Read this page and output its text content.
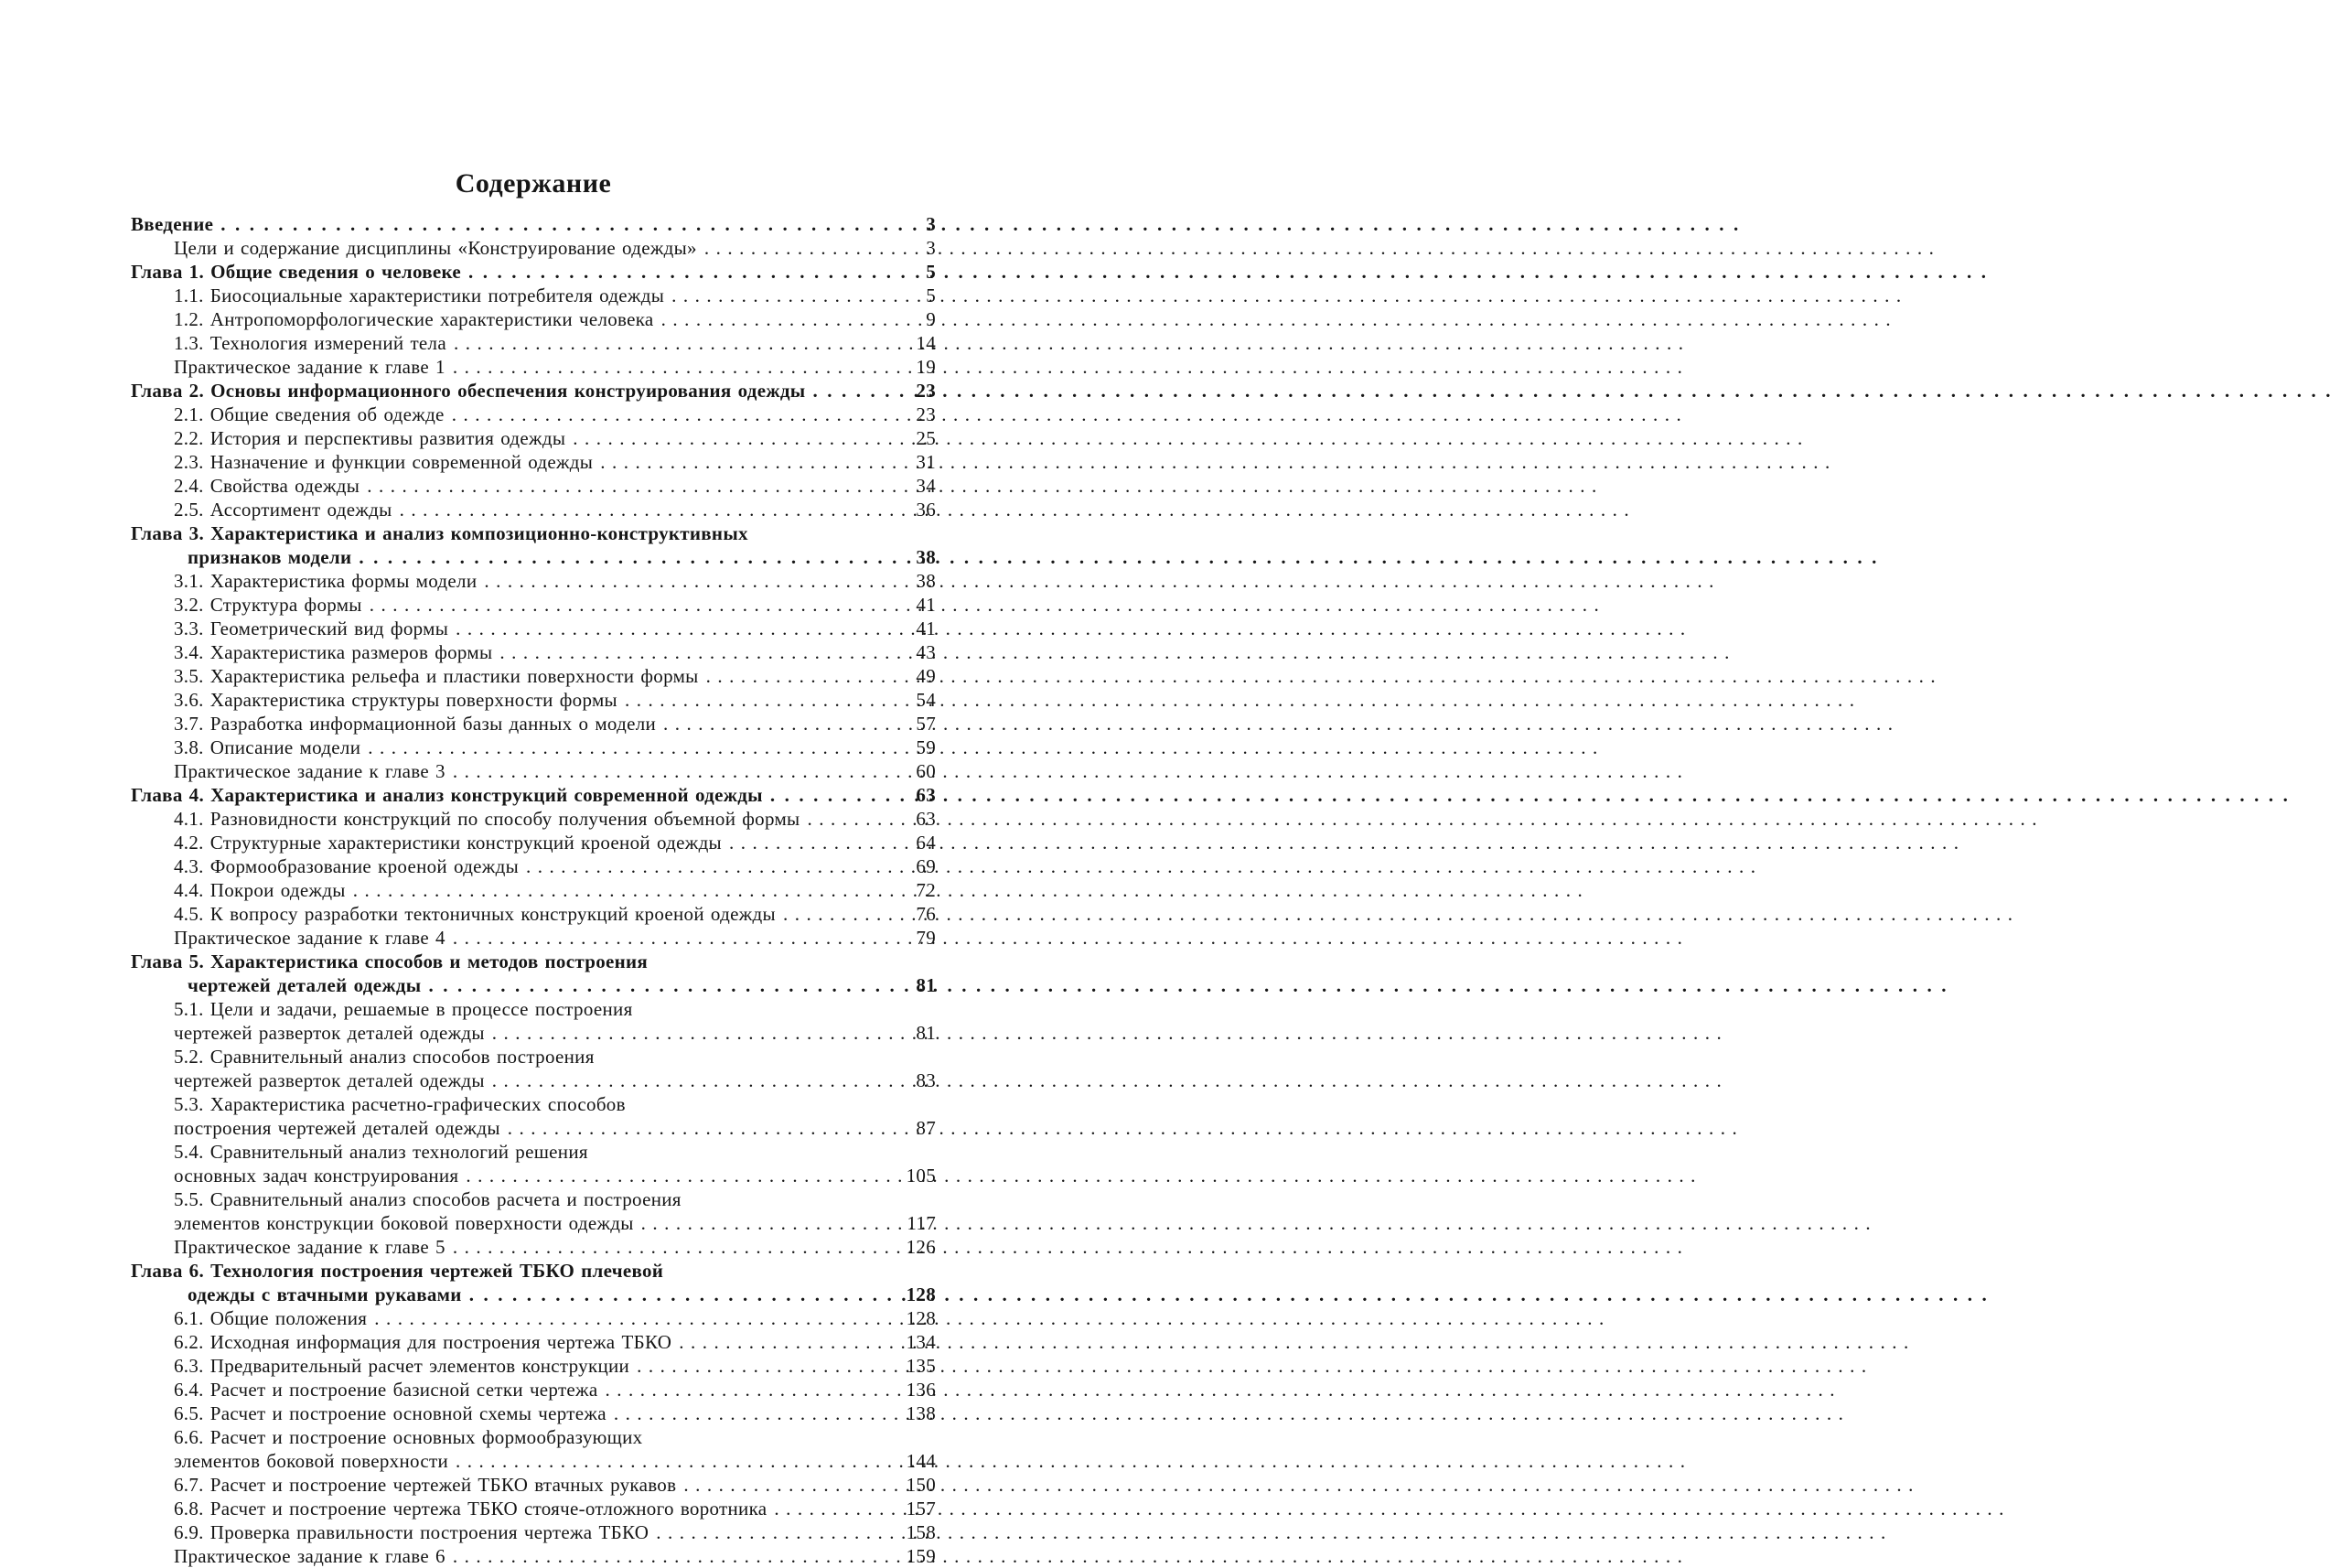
Содержание
Введение .....	3
Цели и содержание дисциплины «Конструирование одежды» .....	3
Глава 1. Общие сведения о человеке .....	5
1.1. Биосоциальные характеристики потребителя одежды .....	5
1.2. Антропоморфологические характеристики человека .....	9
1.3. Технология измерений тела .....	14
Практическое задание к главе 1 .....	19
Глава 2. Основы информационного обеспечения конструирования одежды .....	23
2.1. Общие сведения об одежде .....	23
2.2. История и перспективы развития одежды .....	25
2.3. Назначение и функции современной одежды .....	31
2.4. Свойства одежды .....	34
2.5. Ассортимент одежды .....	36
Глава 3. Характеристика и анализ композиционно-конструктивных
признаков модели .....	38
3.1. Характеристика формы модели .....	38
3.2. Структура формы .....	41
3.3. Геометрический вид формы .....	41
3.4. Характеристика размеров формы .....	43
3.5. Характеристика рельефа и пластики поверхности формы .....	49
3.6. Характеристика структуры поверхности формы .....	54
3.7. Разработка информационной базы данных о модели .....	57
3.8. Описание модели .....	59
Практическое задание к главе 3 .....	60
Глава 4. Характеристика и анализ конструкций современной одежды .....	63
4.1. Разновидности конструкций по способу получения объемной формы .....	63
4.2. Структурные характеристики конструкций кроеной одежды .....	64
4.3. Формообразование кроеной одежды .....	69
4.4. Покрои одежды .....	72
4.5. К вопросу разработки тектоничных конструкций кроеной одежды .....	76
Практическое задание к главе 4 .....	79
Глава 5. Характеристика способов и методов построения
чертежей деталей одежды .....	81
5.1. Цели и задачи, решаемые в процессе построения
чертежей разверток деталей одежды .....	81
5.2. Сравнительный анализ способов построения
чертежей разверток деталей одежды .....	83
5.3. Характеристика расчетно-графических способов
построения чертежей деталей одежды .....	87
5.4. Сравнительный анализ технологий решения
основных задач конструирования .....	105
5.5. Сравнительный анализ способов расчета и построения
элементов конструкции боковой поверхности одежды .....	117
Практическое задание к главе 5 .....	126
Глава 6. Технология построения чертежей ТБКО плечевой
одежды с втачными рукавами .....	128
6.1. Общие положения .....	128
6.2. Исходная информация для построения чертежа ТБКО .....	134
6.3. Предварительный расчет элементов конструкции .....	135
6.4. Расчет и построение базисной сетки чертежа .....	136
6.5. Расчет и построение основной схемы чертежа .....	138
6.6. Расчет и построение основных формообразующих
элементов боковой поверхности .....	144
6.7. Расчет и построение чертежей ТБКО втачных рукавов .....	150
6.8. Расчет и построение чертежа ТБКО стояче-отложного воротника .....	157
6.9. Проверка правильности построения чертежа ТБКО .....	158
Практическое задание к главе 6 .....	159
